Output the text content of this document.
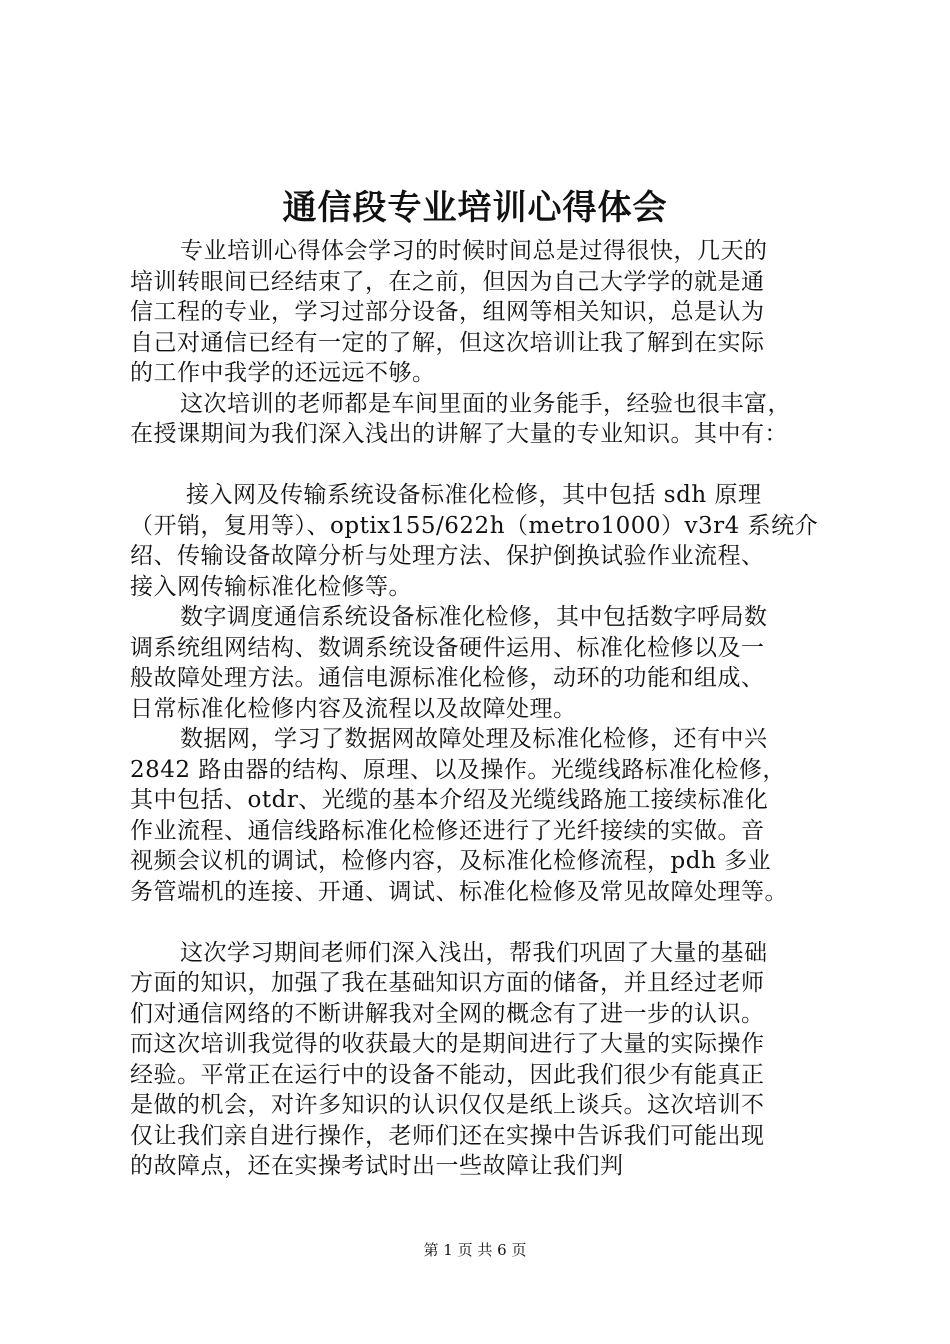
通信段专业培训心得体会
专业培训心得体会学习的时候时间总是过得很快，几天的
培训转眼间已经结束了，在之前，但因为自己大学学的就是通
信工程的专业，学习过部分设备，组网等相关知识，总是认为
自己对通信已经有一定的了解，但这次培训让我了解到在实际
的工作中我学的还远远不够。
这次培训的老师都是车间里面的业务能手，经验也很丰富，
在授课期间为我们深入浅出的讲解了大量的专业知识。其中有：
接入网及传输系统设备标准化检修，其中包括 sdh 原理
（开销，复用等）、optix155/622h（metro1000）v3r4 系统介
绍、传输设备故障分析与处理方法、保护倒换试验作业流程、
接入网传输标准化检修等。
数字调度通信系统设备标准化检修，其中包括数字呼局数
调系统组网结构、数调系统设备硬件运用、标准化检修以及一
般故障处理方法。通信电源标准化检修，动环的功能和组成、
日常标准化检修内容及流程以及故障处理。
数据网，学习了数据网故障处理及标准化检修，还有中兴
2842 路由器的结构、原理、以及操作。光缆线路标准化检修，
其中包括、otdr、光缆的基本介绍及光缆线路施工接续标准化
作业流程、通信线路标准化检修还进行了光纤接续的实做。音
视频会议机的调试，检修内容，及标准化检修流程，pdh 多业
务管端机的连接、开通、调试、标准化检修及常见故障处理等。
这次学习期间老师们深入浅出，帮我们巩固了大量的基础
方面的知识，加强了我在基础知识方面的储备，并且经过老师
们对通信网络的不断讲解我对全网的概念有了进一步的认识。
而这次培训我觉得的收获最大的是期间进行了大量的实际操作
经验。平常正在运行中的设备不能动，因此我们很少有能真正
是做的机会，对许多知识的认识仅仅是纸上谈兵。这次培训不
仅让我们亲自进行操作，老师们还在实操中告诉我们可能出现
的故障点，还在实操考试时出一些故障让我们判
第 1 页 共 6 页
